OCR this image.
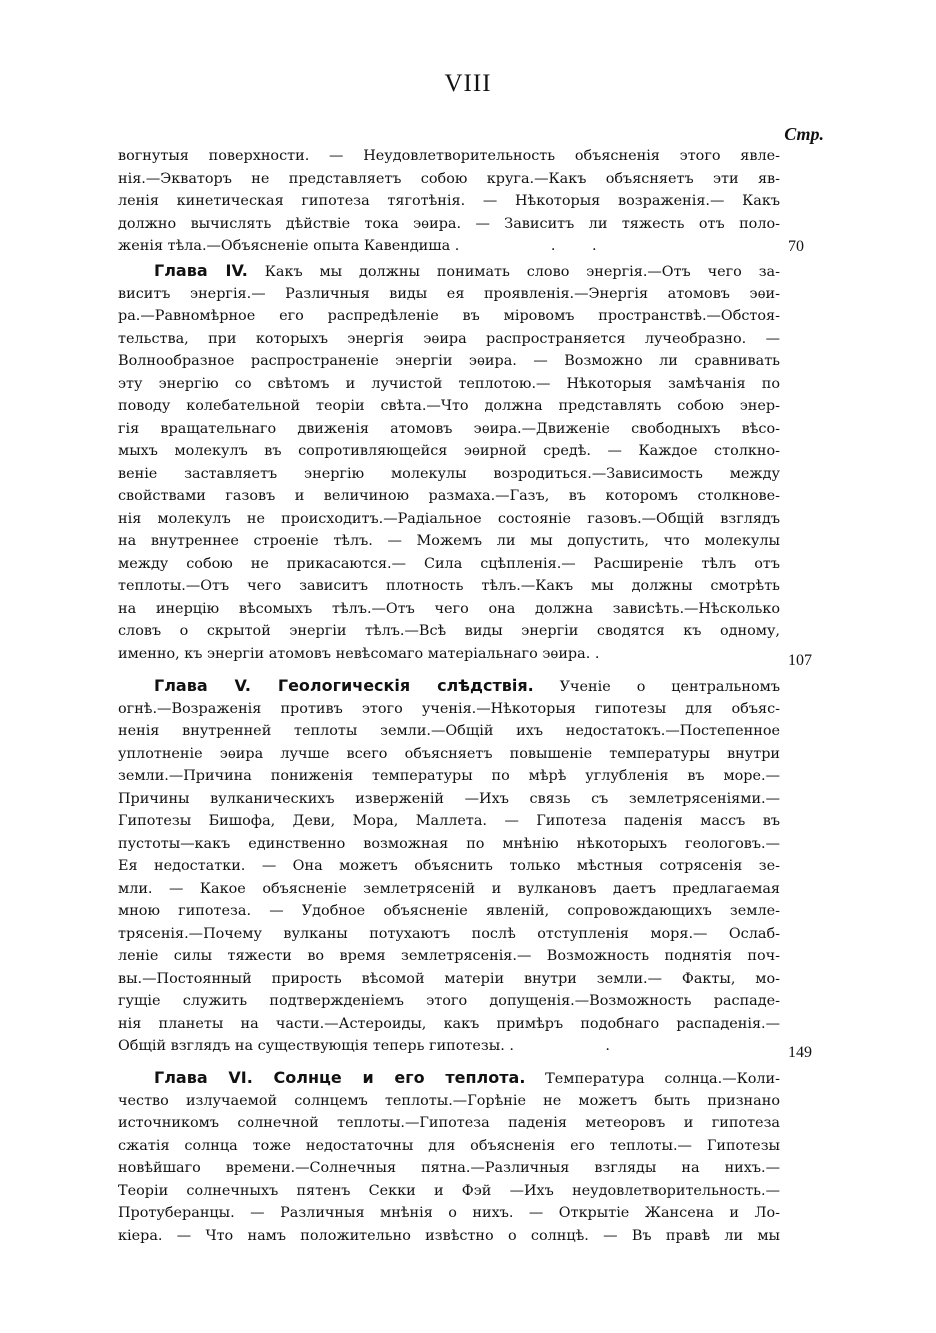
VIII
Стр.
вогнутыя поверхности. — Неудовлетворительность объясненія этого явле-
нія.—Экваторъ не представляетъ собою круга.—Какъ объясняетъ эти яв-
ленія кинетическая гипотеза тяготѣнія. — Нѣкоторыя возраженія.— Какъ
должно вычислять дѣйствіе тока эѳира. — Зависитъ ли тяжесть отъ поло-
женія тѣла.—Объясненіе опыта Кавендиша .                    .        .	70
Глава IV. Какъ мы должны понимать слово энергія.—Отъ чего за-
виситъ энергія.— Различныя виды ея проявленія.—Энергія атомовъ эѳи-
ра.—Равномѣрное его распредѣленіе въ міровомъ пространствѣ.—Обстоя-
тельства, при которыхъ энергія эѳира распространяется лучеобразно. —
Волнообразное распространеніе энергіи эѳира. — Возможно ли сравнивать
эту энергію со свѣтомъ и лучистой теплотою.— Нѣкоторыя замѣчанія по
поводу колебательной теоріи свѣта.—Что должна представлять собою энер-
гія вращательнаго движенія атомовъ эѳира.—Движеніе свободныхъ вѣсо-
мыхъ молекулъ въ сопротивляющейся эѳирной средѣ. — Каждое столкно-
веніе заставляетъ энергію молекулы возродиться.—Зависимость между
свойствами газовъ и величиною размаха.—Газъ, въ которомъ столкнове-
нія молекулъ не происходитъ.—Радіальное состояніе газовъ.—Общій взглядъ
на внутреннее строеніе тѣлъ. — Можемъ ли мы допустить, что молекулы
между собою не прикасаются.— Сила сцѣпленія.— Расширеніе тѣлъ отъ
теплоты.—Отъ чего зависитъ плотность тѣлъ.—Какъ мы должны смотрѣть
на инерцію вѣсомыхъ тѣлъ.—Отъ чего она должна зависѣть.—Нѣсколько
словъ о скрытой энергіи тѣлъ.—Всѣ виды энергіи сводятся къ одному,
именно, къ энергіи атомовъ невѣсомаго матеріальнаго эѳира. .	107
Глава V. Геологическія слѣдствія. Ученіе о центральномъ
огнѣ.—Возраженія противъ этого ученія.—Нѣкоторыя гипотезы для объяс-
ненія внутренней теплоты земли.—Общій ихъ недостатокъ.—Постепенное
уплотненіе эѳира лучше всего объясняетъ повышеніе температуры внутри
земли.—Причина пониженія температуры по мѣрѣ углубленія въ море.—
Причины вулканическихъ изверженій —Ихъ связь съ землетрясеніями.—
Гипотезы Бишофа, Деви, Мора, Маллета. — Гипотеза паденія массъ въ
пустоты—какъ единственно возможная по мнѣнію нѣкоторыхъ геологовъ.—
Ея недостатки. — Она можетъ объяснить только мѣстныя сотрясенія зе-
мли. — Какое объясненіе землетрясеній и вулкановъ даетъ предлагаемая
мною гипотеза. — Удобное объясненіе явленій, сопровождающихъ земле-
трясенія.—Почему вулканы потухаютъ послѣ отступленія моря.— Ослаб-
леніе силы тяжести во время землетрясенія.— Возможность поднятія поч-
вы.—Постоянный прирость вѣсомой матеріи внутри земли.— Факты, мо-
гущіе служить подтвержденіемъ этого допущенія.—Возможность распаде-
нія планеты на части.—Астероиды, какъ примѣръ подобнаго распаденія.—
Общій взглядъ на существующія теперь гипотезы. .                    .	149
Глава VI. Солнце и его теплота. Температура солнца.—Коли-
чество излучаемой солнцемъ теплоты.—Горѣніе не можетъ быть признано
источникомъ солнечной теплоты.—Гипотеза паденія метеоровъ и гипотеза
сжатія солнца тоже недостаточны для объясненія его теплоты.— Гипотезы
новѣйшаго времени.—Солнечныя пятна.—Различныя взгляды на нихъ.—
Теоріи солнечныхъ пятенъ Секки и Фэй —Ихъ неудовлетворительность.—
Протуберанцы. — Различныя мнѣнія о нихъ. — Открытіе Жансена и Ло-
кіера. — Что намъ положительно извѣстно о солнцѣ. — Въ правѣ ли мы
